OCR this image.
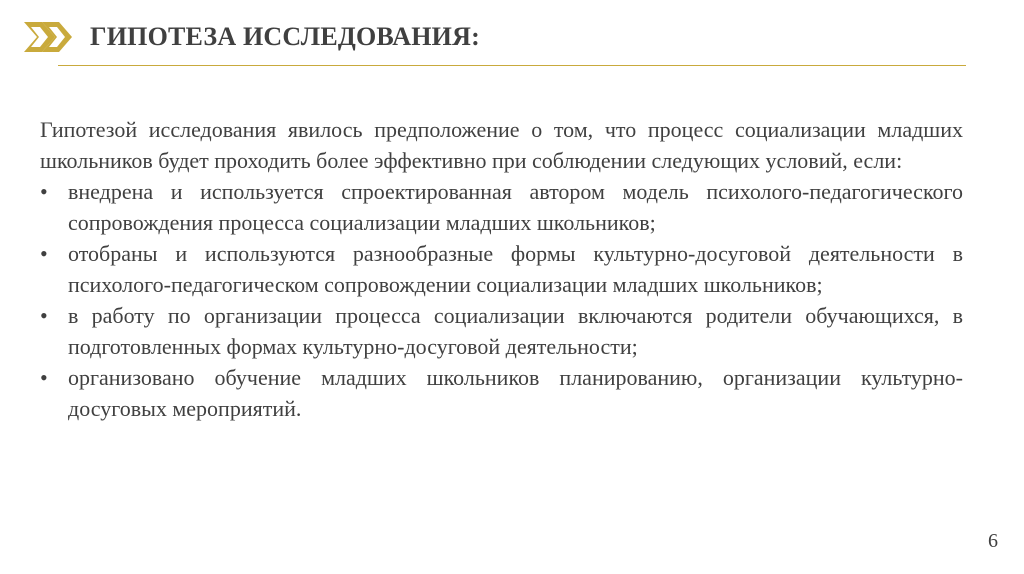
ГИПОТЕЗА ИССЛЕДОВАНИЯ:

Гипотезой исследования явилось предположение о том, что процесс социализации младших школьников будет проходить более эффективно при соблюдении следующих условий, если:

• внедрена и используется спроектированная автором модель психолого-педагогического сопровождения процесса социализации младших школьников;
• отобраны и используются разнообразные формы культурно-досуговой деятельности в психолого-педагогическом сопровождении социализации младших школьников;
• в работу по организации процесса социализации включаются родители обучающихся, в подготовленных формах культурно-досуговой деятельности;
• организовано обучение младших школьников планированию, организации культурно-досуговых мероприятий.
6
